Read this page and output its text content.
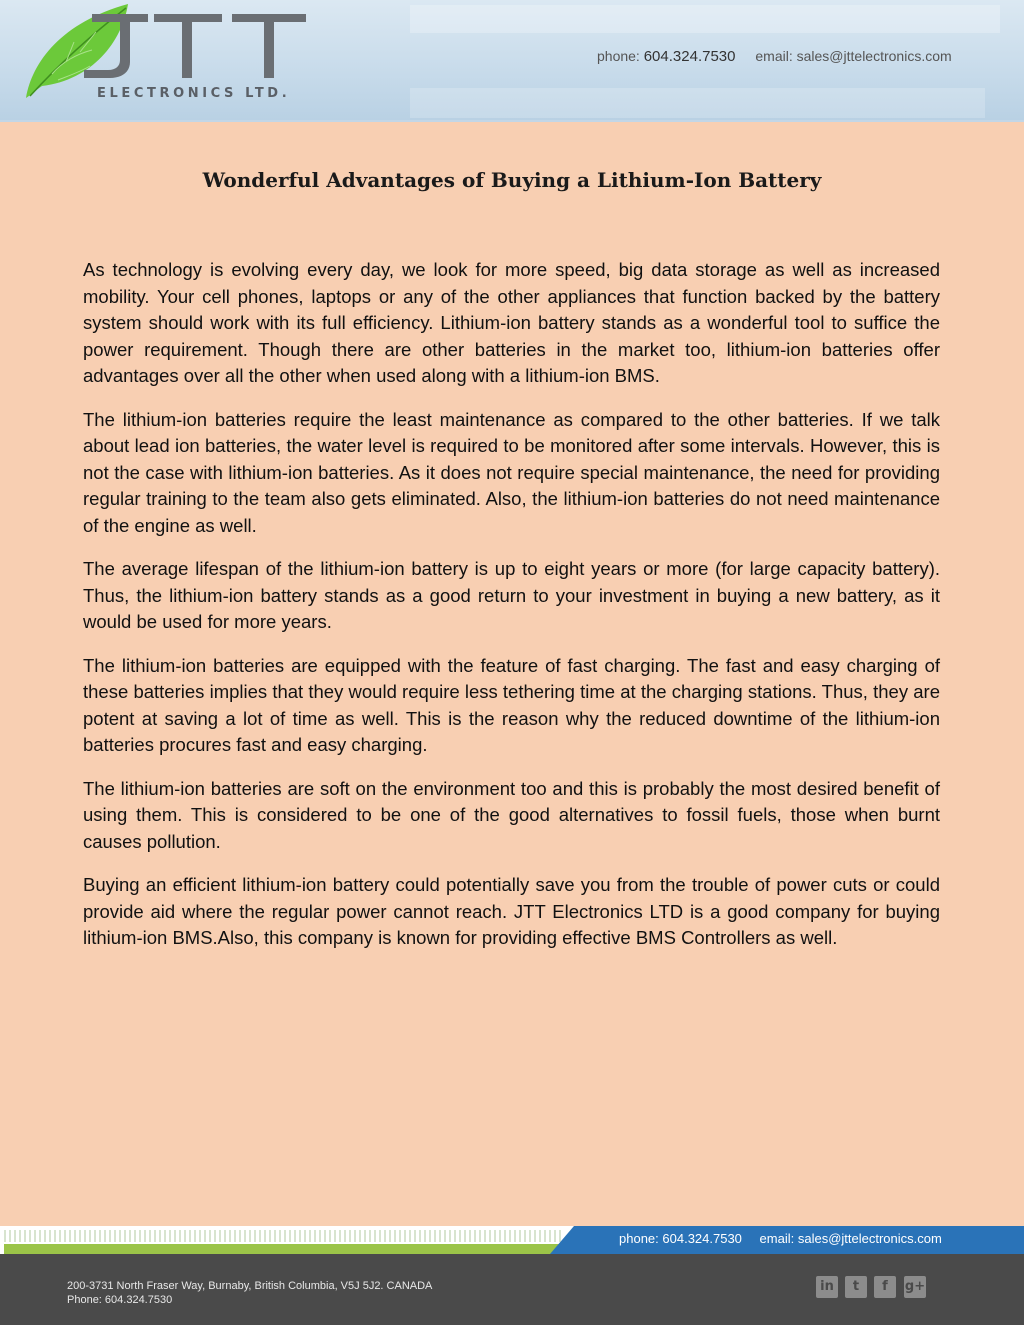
ELECTRONICS LTD.
phone: 604.324.7530 email: sales@jttelectronics.com
Wonderful Advantages of Buying a Lithium-Ion Battery

As technology is evolving every day, we look for more speed, big data storage as well as increased mobility. Your cell phones, laptops or any of the other appliances that function backed by the battery system should work with its full efficiency. Lithium-ion battery stands as a wonderful tool to suffice the power requirement. Though there are other batteries in the market too, lithium-ion batteries offer advantages over all the other when used along with a lithium-ion BMS.

The lithium-ion batteries require the least maintenance as compared to the other batteries. If we talk about lead ion batteries, the water level is required to be monitored after some intervals. However, this is not the case with lithium-ion batteries. As it does not require special maintenance, the need for providing regular training to the team also gets eliminated. Also, the lithium-ion batteries do not need maintenance of the engine as well.

The average lifespan of the lithium-ion battery is up to eight years or more (for large capacity battery). Thus, the lithium-ion battery stands as a good return to your investment in buying a new battery, as it would be used for more years.

The lithium-ion batteries are equipped with the feature of fast charging. The fast and easy charging of these batteries implies that they would require less tethering time at the charging stations. Thus, they are potent at saving a lot of time as well. This is the reason why the reduced downtime of the lithium-ion batteries procures fast and easy charging.

The lithium-ion batteries are soft on the environment too and this is probably the most desired benefit of using them. This is considered to be one of the good alternatives to fossil fuels, those when burnt causes pollution.

Buying an efficient lithium-ion battery could potentially save you from the trouble of power cuts or could provide aid where the regular power cannot reach. JTT Electronics LTD is a good company for buying lithium-ion BMS.Also, this company is known for providing effective BMS Controllers as well.

phone: 604.324.7530 email: sales@jttelectronics.com
200-3731 North Fraser Way, Burnaby, British Columbia, V5J 5J2. CANADA
Phone: 604.324.7530
in	t	f	g+
